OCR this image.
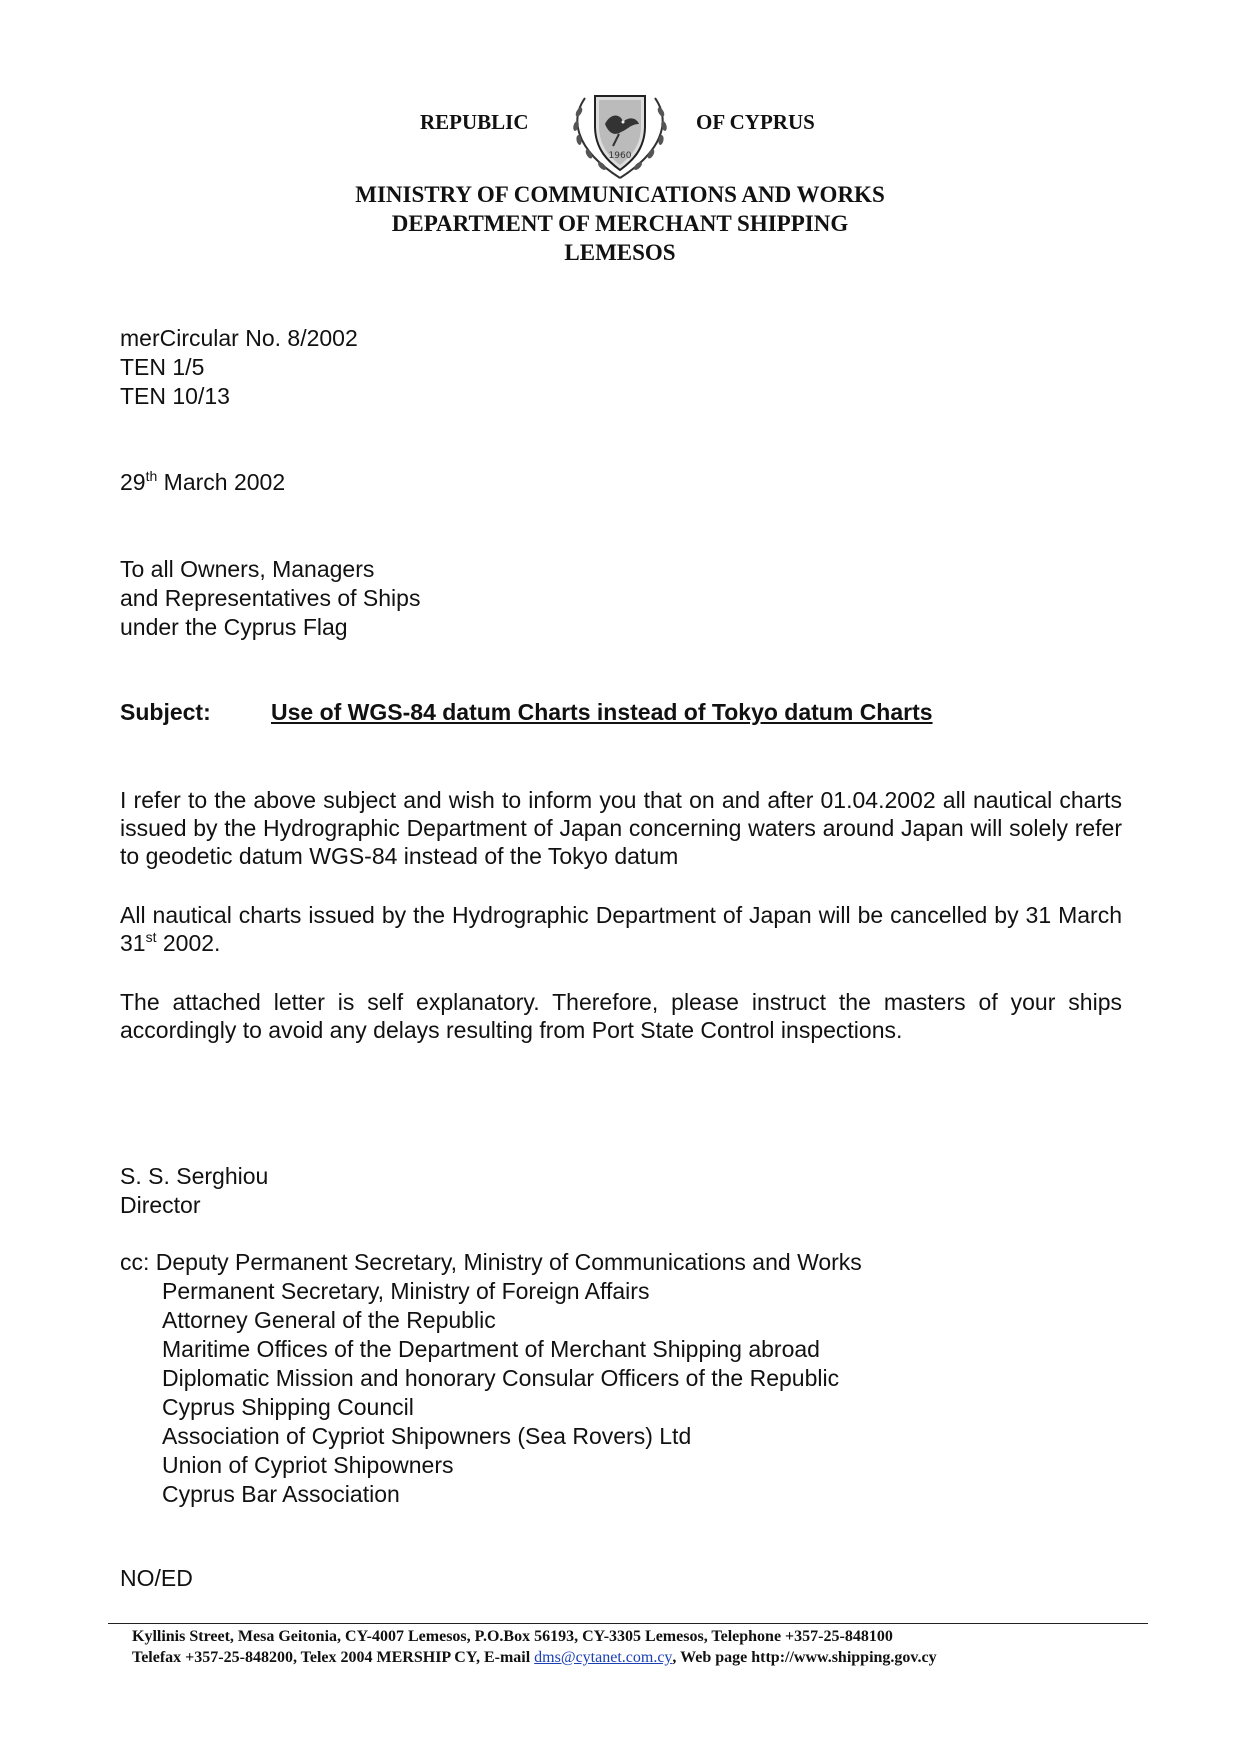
REPUBLIC
1960
OF CYPRUS
MINISTRY OF COMMUNICATIONS AND WORKS
DEPARTMENT OF MERCHANT SHIPPING
LEMESOS
merCircular No. 8/2002
TEN 1/5
TEN 10/13
29th March 2002
To all Owners, Managers
and Representatives of Ships
under the Cyprus Flag
Subject:	Use of WGS-84 datum Charts instead of Tokyo datum Charts
I refer to the above subject and wish to inform you that on and after 01.04.2002 all nautical charts issued by the Hydrographic Department of Japan concerning waters around Japan will solely refer to geodetic datum WGS-84 instead of the Tokyo datum
All nautical charts issued by the Hydrographic Department of Japan will be cancelled by 31 March 31st 2002.
The attached letter is self explanatory. Therefore, please instruct the masters of your ships accordingly to avoid any delays resulting from Port State Control inspections.
S. S. Serghiou
Director
cc: Deputy Permanent Secretary, Ministry of Communications and Works
Permanent Secretary, Ministry of Foreign Affairs
Attorney General of the Republic
Maritime Offices of the Department of Merchant Shipping abroad
Diplomatic Mission and honorary Consular Officers of the Republic
Cyprus Shipping Council
Association of Cypriot Shipowners (Sea Rovers) Ltd
Union of Cypriot Shipowners
Cyprus Bar Association
NO/ED
Kyllinis Street, Mesa Geitonia, CY-4007 Lemesos, P.O.Box 56193, CY-3305 Lemesos, Telephone +357-25-848100
Telefax +357-25-848200, Telex 2004 MERSHIP CY, E-mail dms@cytanet.com.cy, Web page http://www.shipping.gov.cy
